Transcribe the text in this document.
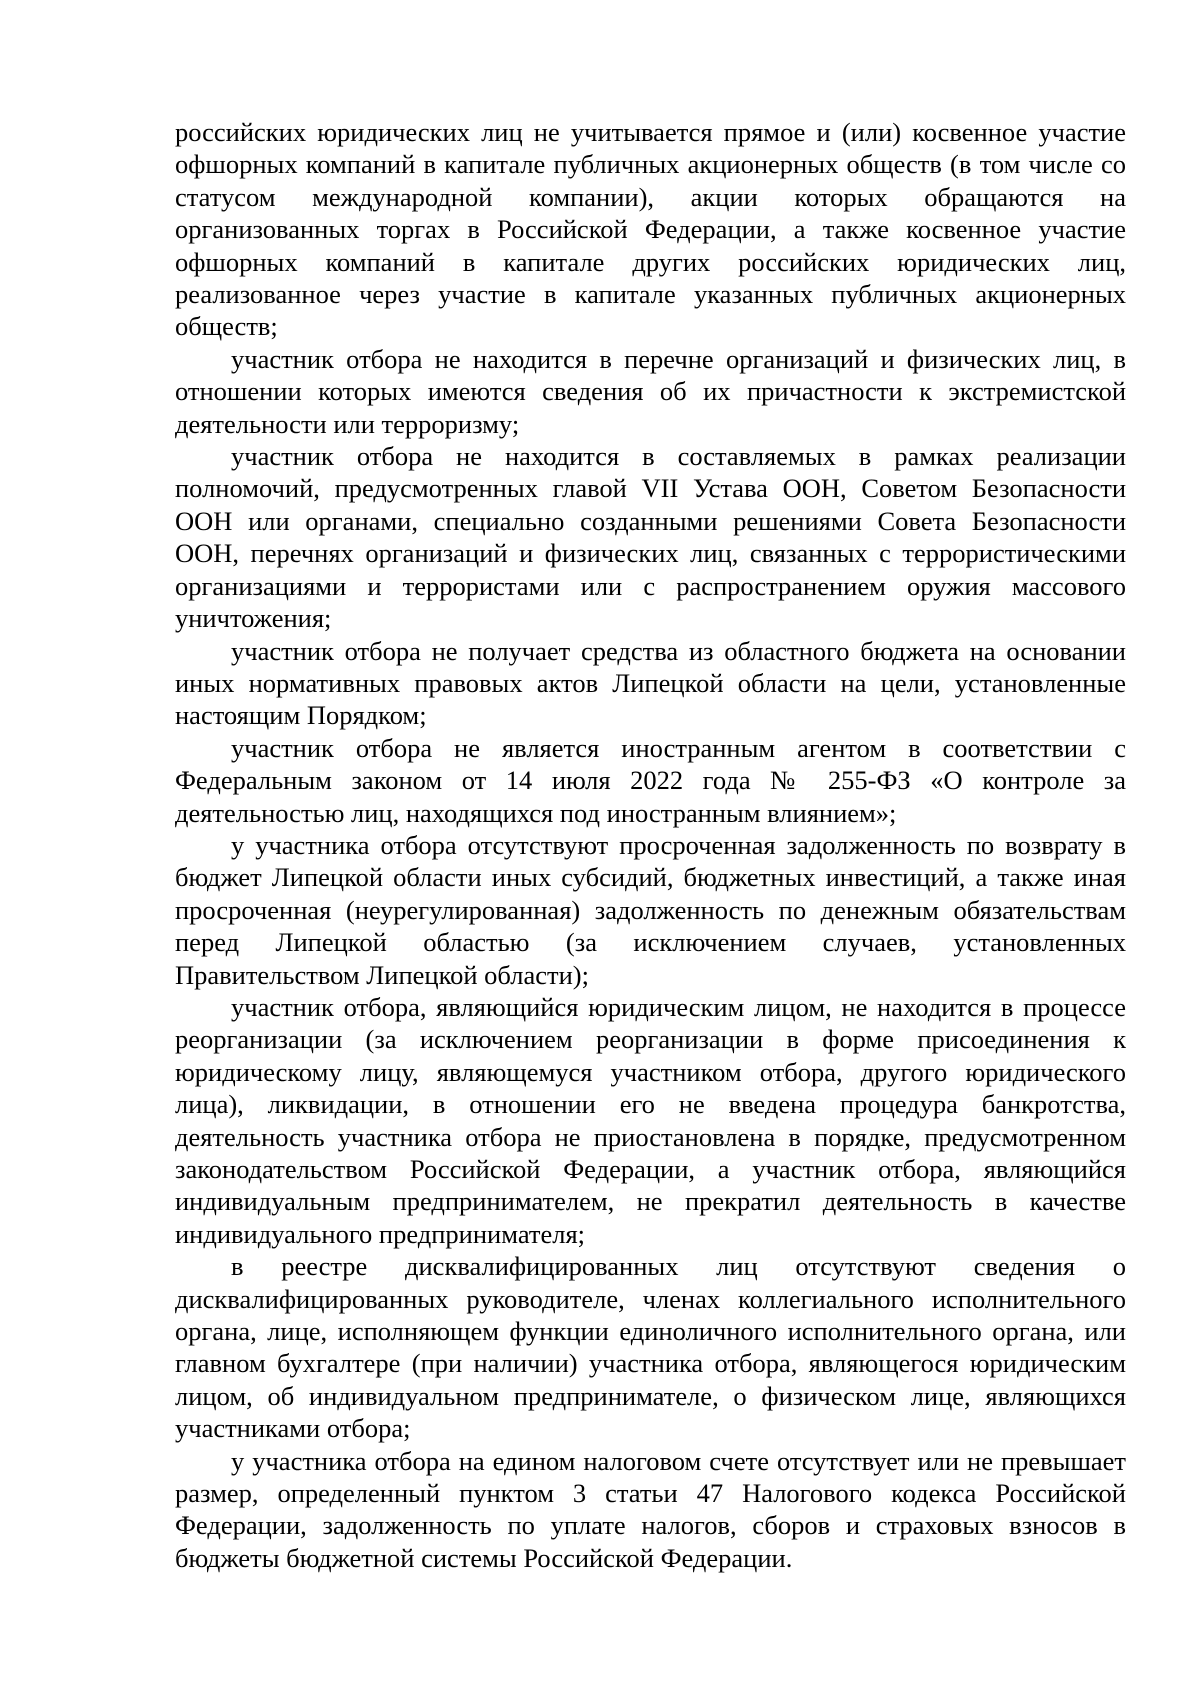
российских юридических лиц не учитывается прямое и (или) косвенное участие офшорных компаний в капитале публичных акционерных обществ (в том числе со статусом международной компании), акции которых обращаются на организованных торгах в Российской Федерации, а также косвенное участие офшорных компаний в капитале других российских юридических лиц, реализованное через участие в капитале указанных публичных акционерных обществ;

участник отбора не находится в перечне организаций и физических лиц, в отношении которых имеются сведения об их причастности к экстремистской деятельности или терроризму;

участник отбора не находится в составляемых в рамках реализации полномочий, предусмотренных главой VII Устава ООН, Советом Безопасности ООН или органами, специально созданными решениями Совета Безопасности ООН, перечнях организаций и физических лиц, связанных с террористическими организациями и террористами или с распространением оружия массового уничтожения;

участник отбора не получает средства из областного бюджета на основании иных нормативных правовых актов Липецкой области на цели, установленные настоящим Порядком;

участник отбора не является иностранным агентом в соответствии с Федеральным законом от 14 июля 2022 года № 255-ФЗ «О контроле за деятельностью лиц, находящихся под иностранным влиянием»;

у участника отбора отсутствуют просроченная задолженность по возврату в бюджет Липецкой области иных субсидий, бюджетных инвестиций, а также иная просроченная (неурегулированная) задолженность по денежным обязательствам перед Липецкой областью (за исключением случаев, установленных Правительством Липецкой области);

участник отбора, являющийся юридическим лицом, не находится в процессе реорганизации (за исключением реорганизации в форме присоединения к юридическому лицу, являющемуся участником отбора, другого юридического лица), ликвидации, в отношении его не введена процедура банкротства, деятельность участника отбора не приостановлена в порядке, предусмотренном законодательством Российской Федерации, а участник отбора, являющийся индивидуальным предпринимателем, не прекратил деятельность в качестве индивидуального предпринимателя;

в реестре дисквалифицированных лиц отсутствуют сведения о дисквалифицированных руководителе, членах коллегиального исполнительного органа, лице, исполняющем функции единоличного исполнительного органа, или главном бухгалтере (при наличии) участника отбора, являющегося юридическим лицом, об индивидуальном предпринимателе, о физическом лице, являющихся участниками отбора;

у участника отбора на едином налоговом счете отсутствует или не превышает размер, определенный пунктом 3 статьи 47 Налогового кодекса Российской Федерации, задолженность по уплате налогов, сборов и страховых взносов в бюджеты бюджетной системы Российской Федерации.
